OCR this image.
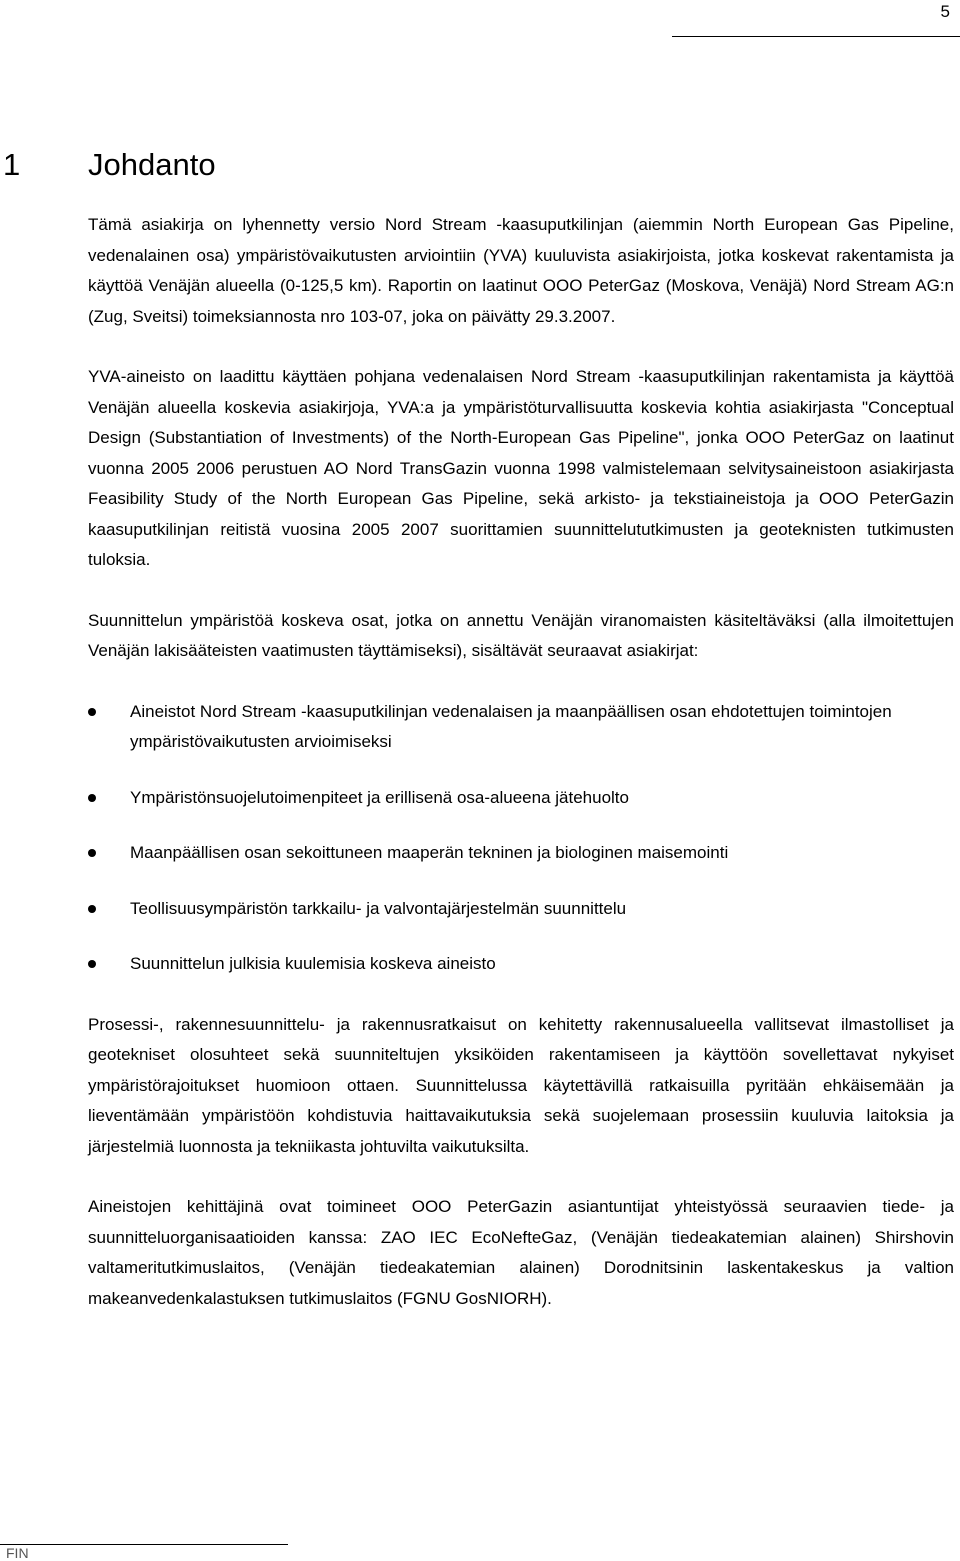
5
1 Johdanto

Tämä asiakirja on lyhennetty versio Nord Stream -kaasuputkilinjan (aiemmin North European Gas Pipeline, vedenalainen osa) ympäristövaikutusten arviointiin (YVA) kuuluvista asiakirjoista, jotka koskevat rakentamista ja käyttöä Venäjän alueella (0-125,5 km). Raportin on laatinut OOO PeterGaz (Moskova, Venäjä) Nord Stream AG:n (Zug, Sveitsi) toimeksiannosta nro 103-07, joka on päivätty 29.3.2007.

YVA-aineisto on laadittu käyttäen pohjana vedenalaisen Nord Stream -kaasuputkilinjan rakentamista ja käyttöä Venäjän alueella koskevia asiakirjoja, YVA:a ja ympäristöturvallisuutta koskevia kohtia asiakirjasta "Conceptual Design (Substantiation of Investments) of the North-European Gas Pipeline", jonka OOO PeterGaz on laatinut vuonna 2005 2006 perustuen AO Nord TransGazin vuonna 1998 valmistelemaan selvitysaineistoon asiakirjasta Feasibility Study of the North European Gas Pipeline, sekä arkisto- ja tekstiaineistoja ja OOO PeterGazin kaasuputkilinjan reitistä vuosina 2005 2007 suorittamien suunnittelututkimusten ja geoteknisten tutkimusten tuloksia.

Suunnittelun ympäristöä koskeva osat, jotka on annettu Venäjän viranomaisten käsiteltäväksi (alla ilmoitettujen Venäjän lakisääteisten vaatimusten täyttämiseksi), sisältävät seuraavat asiakirjat:

Aineistot Nord Stream -kaasuputkilinjan vedenalaisen ja maanpäällisen osan ehdotettujen toimintojen ympäristövaikutusten arvioimiseksi
Ympäristönsuojelutoimenpiteet ja erillisenä osa-alueena jätehuolto
Maanpäällisen osan sekoittuneen maaperän tekninen ja biologinen maisemointi
Teollisuusympäristön tarkkailu- ja valvontajärjestelmän suunnittelu
Suunnittelun julkisia kuulemisia koskeva aineisto

Prosessi-, rakennesuunnittelu- ja rakennusratkaisut on kehitetty rakennusalueella vallitsevat ilmastolliset ja geotekniset olosuhteet sekä suunniteltujen yksiköiden rakentamiseen ja käyttöön sovellettavat nykyiset ympäristörajoitukset huomioon ottaen. Suunnittelussa käytettävillä ratkaisuilla pyritään ehkäisemään ja lieventämään ympäristöön kohdistuvia haittavaikutuksia sekä suojelemaan prosessiin kuuluvia laitoksia ja järjestelmiä luonnosta ja tekniikasta johtuvilta vaikutuksilta.

Aineistojen kehittäjinä ovat toimineet OOO PeterGazin asiantuntijat yhteistyössä seuraavien tiede- ja suunnitteluorganisaatioiden kanssa: ZAO IEC EcoNefteGaz, (Venäjän tiedeakatemian alainen) Shirshovin valtameritutkimuslaitos, (Venäjän tiedeakatemian alainen) Dorodnitsinin laskentakeskus ja valtion makeanvedenkalastuksen tutkimuslaitos (FGNU GosNIORH).

FIN
